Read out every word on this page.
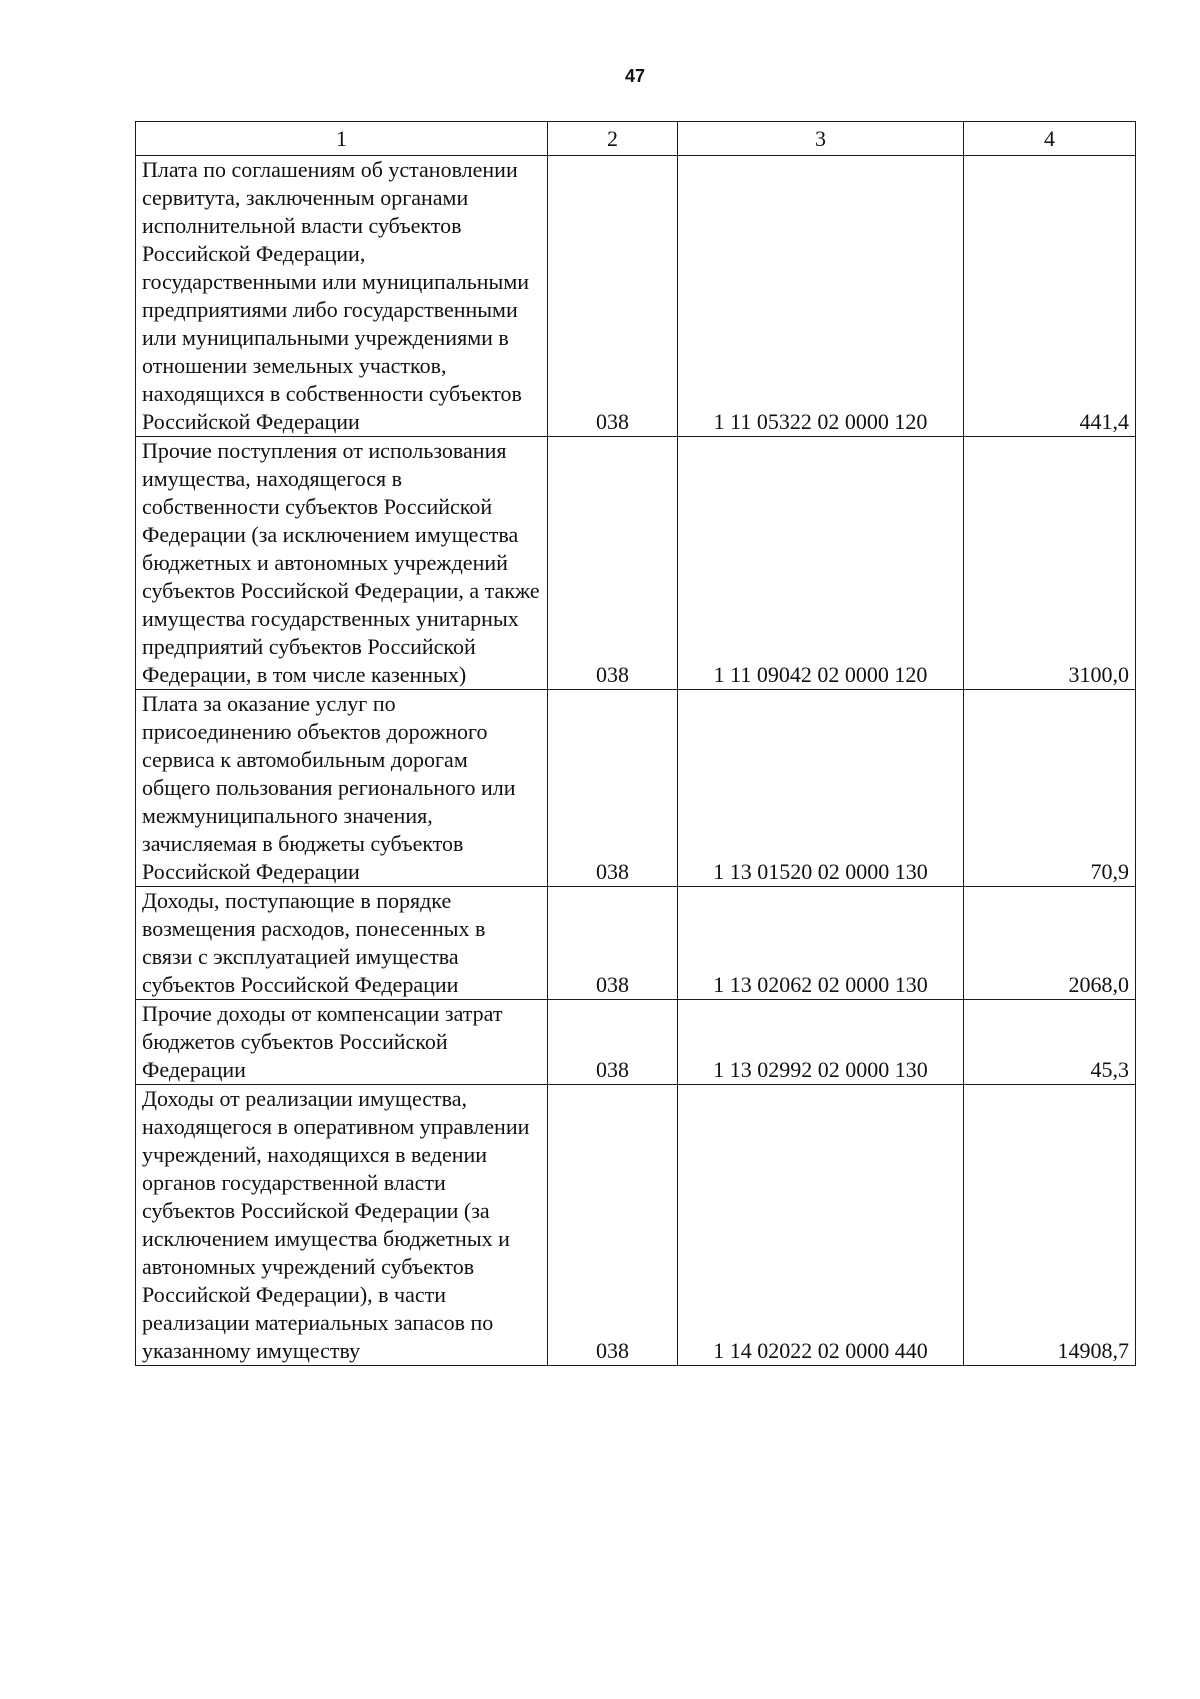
47
1	2	3	4
Плата по соглашениям об установлении сервитута, заключенным органами исполнительной власти субъектов Российской Федерации, государственными или муниципальными предприятиями либо государственными или муниципальными учреждениями в отношении земельных участков, находящихся в собственности субъектов Российской Федерации	038	1 11 05322 02 0000 120	441,4
Прочие поступления от использования имущества, находящегося в собственности субъектов Российской Федерации (за исключением имущества бюджетных и автономных учреждений субъектов Российской Федерации, а также имущества государственных унитарных предприятий субъектов Российской Федерации, в том числе казенных)	038	1 11 09042 02 0000 120	3100,0
Плата за оказание услуг по присоединению объектов дорожного сервиса к автомобильным дорогам общего пользования регионального или межмуниципального значения, зачисляемая в бюджеты субъектов Российской Федерации	038	1 13 01520 02 0000 130	70,9
Доходы, поступающие в порядке возмещения расходов, понесенных в связи с эксплуатацией имущества субъектов Российской Федерации	038	1 13 02062 02 0000 130	2068,0
Прочие доходы от компенсации затрат бюджетов субъектов Российской Федерации	038	1 13 02992 02 0000 130	45,3
Доходы от реализации имущества, находящегося в оперативном управлении учреждений, находящихся в ведении органов государственной власти субъектов Российской Федерации (за исключением имущества бюджетных и автономных учреждений субъектов Российской Федерации), в части реализации материальных запасов по указанному имуществу	038	1 14 02022 02 0000 440	14908,7
